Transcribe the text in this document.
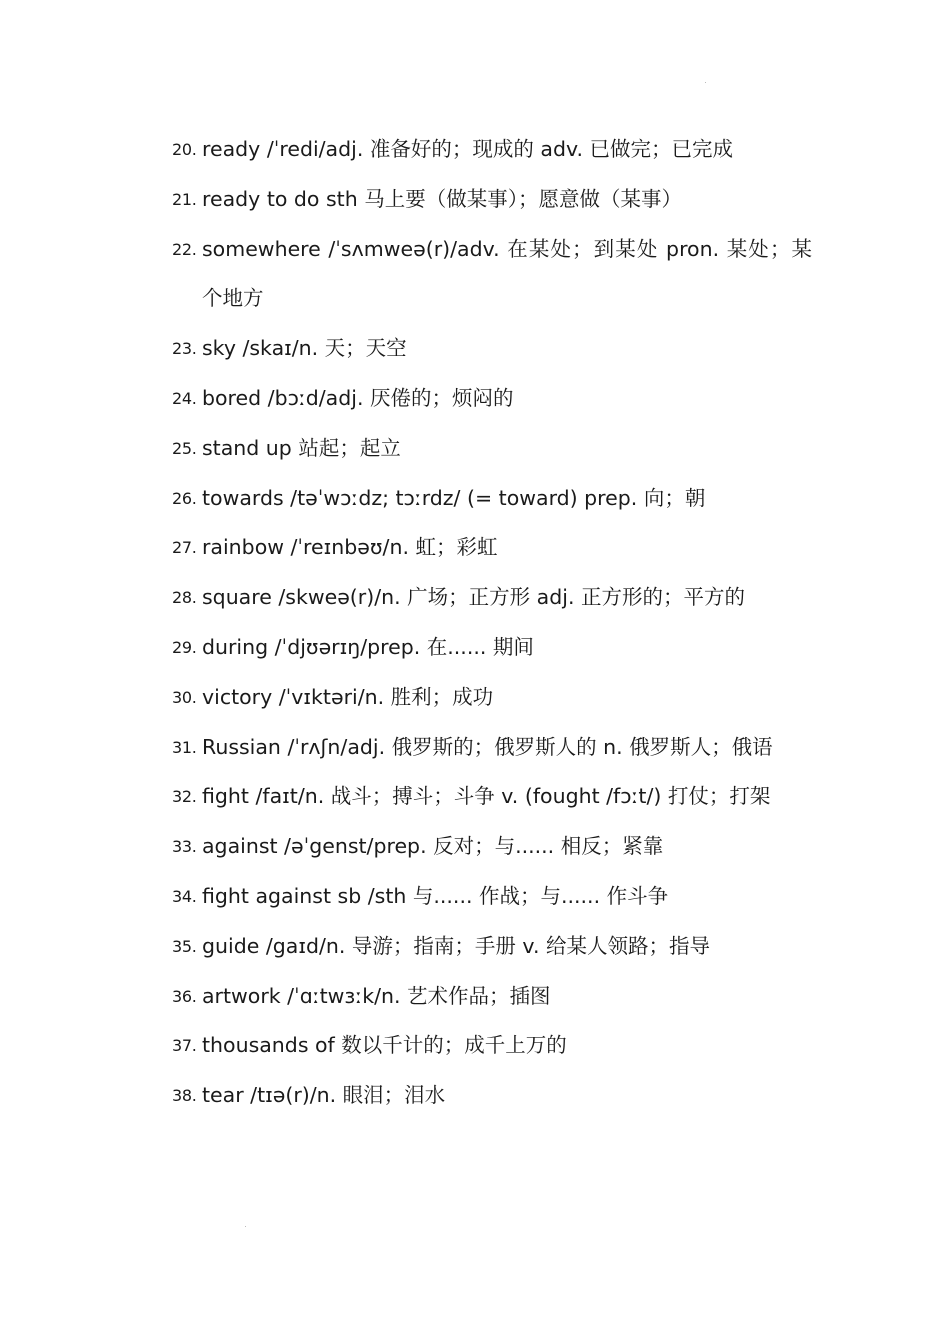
20. ready /ˈredi/adj. 准备好的；现成的 adv. 已做完；已完成
21. ready to do sth 马上要（做某事）；愿意做（某事）
22. somewhere /ˈsʌmweə(r)/adv. 在某处；到某处 pron. 某处；某个地方
23. sky /skaɪ/n. 天；天空
24. bored /bɔːd/adj. 厌倦的；烦闷的
25. stand up 站起；起立
26. towards /təˈwɔːdz; tɔːrdz/ (= toward) prep. 向；朝
27. rainbow /ˈreɪnbəʊ/n. 虹；彩虹
28. square /skweə(r)/n. 广场；正方形 adj. 正方形的；平方的
29. during /ˈdjʊərɪŋ/prep. 在...... 期间
30. victory /ˈvɪktəri/n. 胜利；成功
31. Russian /ˈrʌʃn/adj. 俄罗斯的；俄罗斯人的 n. 俄罗斯人；俄语
32. fight /faɪt/n. 战斗；搏斗；斗争 v. (fought /fɔːt/) 打仗；打架
33. against /əˈgenst/prep. 反对；与...... 相反；紧靠
34. fight against sb /sth 与...... 作战；与...... 作斗争
35. guide /gaɪd/n. 导游；指南；手册 v. 给某人领路；指导
36. artwork /ˈɑːtwɜːk/n. 艺术作品；插图
37. thousands of 数以千计的；成千上万的
38. tear /tɪə(r)/n. 眼泪；泪水
